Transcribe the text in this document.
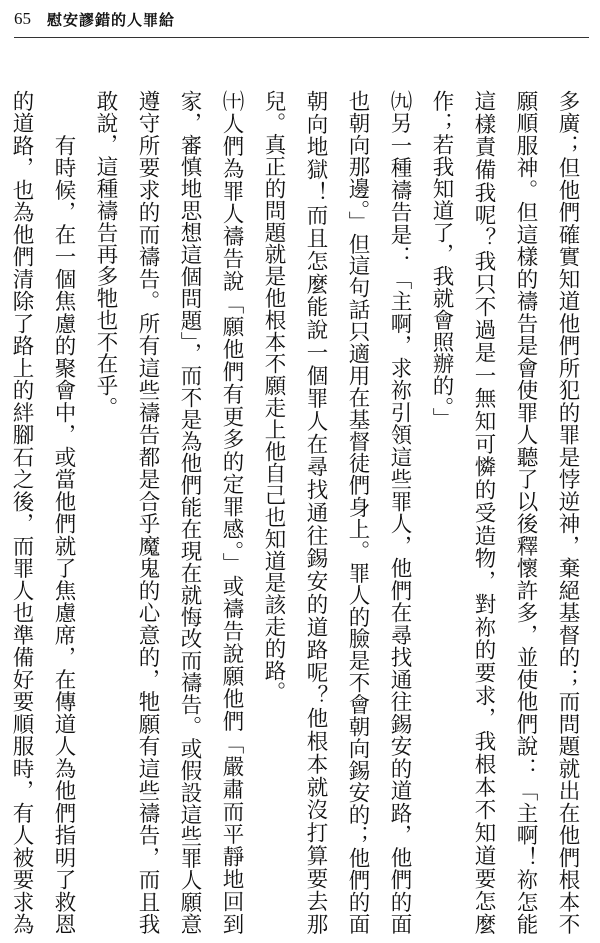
65 慰安謬錯的人罪給

多廣；但他們確實知道他們所犯的罪是悖逆神，棄絕基督的；而問題就出在他們根本不願順服神。但這樣的禱告是會使罪人聽了以後釋懷許多，並使他們說：「主啊！祢怎能這樣責備我呢？我只不過是一無知可憐的受造物，對祢的要求，我根本不知道要怎麼作；若我知道了，我就會照辦的。」

㈨另一種禱告是：「主啊，求祢引領這些罪人，他們在尋找通往錫安的道路，他們的面也朝向那邊。」但這句話只適用在基督徒們身上。罪人的臉是不會朝向錫安的；他們的面朝向地獄！而且怎麼能說一個罪人在尋找通往錫安的道路呢？他根本就沒打算要去那兒。真正的問題就是他根本不願走上他自己也知道是該走的路。

㈩人們為罪人禱告說「願他們有更多的定罪感。」或禱告說願他們「嚴肅而平靜地回到家，審慎地思想這個問題」，而不是為他們能在現在就悔改而禱告。或假設這些罪人願意遵守所要求的而禱告。所有這些禱告都是合乎魔鬼的心意的，牠願有這些禱告，而且我敢說，這種禱告再多牠也不在乎。

　　有時候，在一個焦慮的聚會中，或當他們就了焦慮席，在傳道人為他們指明了救恩的道路，也為他們清除了路上的絆腳石之後，而罪人也準備好要順服時，有人被要求為
